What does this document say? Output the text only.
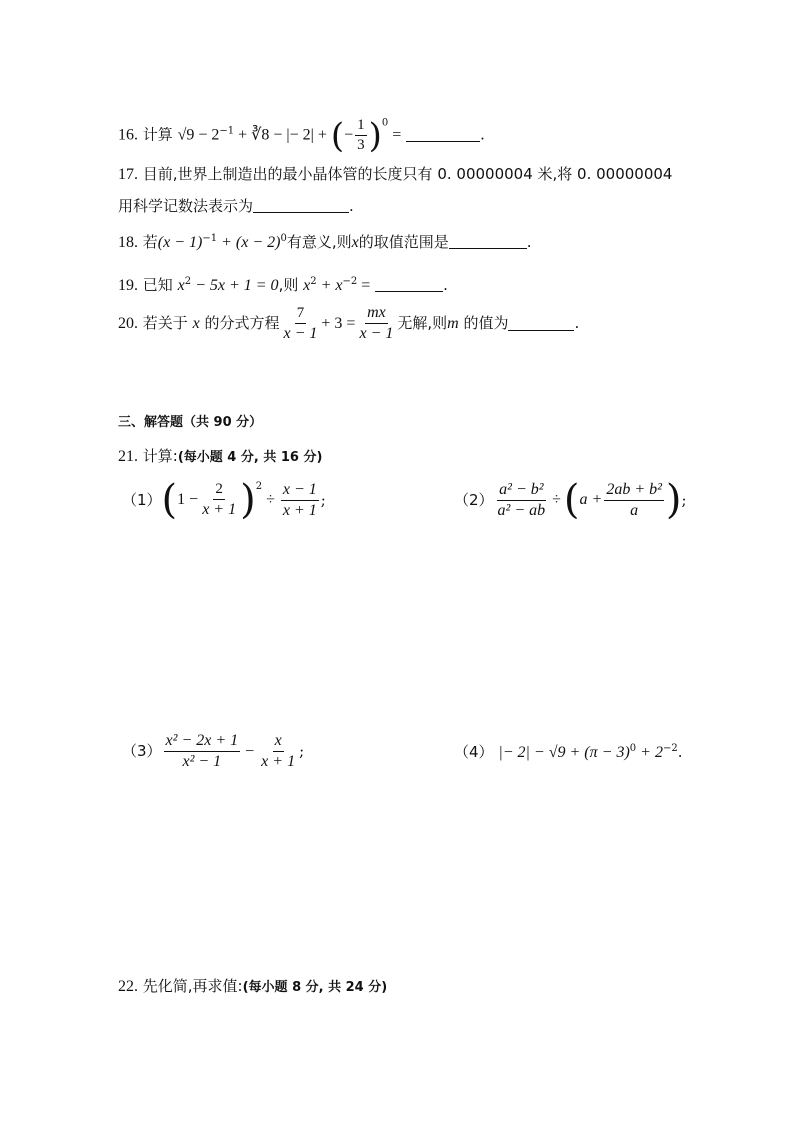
16. 计算 $√9 - 2^{-1}$ + ∛8 − |− 2| + (− $\frac{1}{3} )^0$ =	.
17. 目前,世界上制造出的最小晶体管的长度只有 0. 00000004 米,将 0. 00000004
用科学记数法表示为	.
18. 若$(x - 1)^{-1} + (x - 2)^0$有意义,则x的取值范围是	.
19. 已知 $x^2 - 5x + 1 = 0$,则 $x^2 + x^{-2}$ =	.
20.
若关于
x
的分式方程 $\frac{7}{x - 1} + 3 = \frac{mx}{x - 1}$ 无解,则 m
的值为	.
三、解答题（共 90 分）
21. 计算:(每小题 4 分, 共 16 分)
（1） ( $1 - \frac{2}{x + 1} )^2$
÷ $\frac{x - 1}{x + 1}$ ;	$(2) \frac{\text{a² − b²}}{\text{a² − ab}}$ ÷ ( $a + \frac{\text{2ab + b²}}{a}$ ) ;
$(3) \frac{\text{x² − 2x + 1}}{\text{x² − 1}} - \frac{x}{x + 1}$ ;	（4） |− $2| - √9 + (\pi - 3)^0 + 2^{-2}$.
22. 先化简,再求值:(每小题 8 分, 共 24 分)
